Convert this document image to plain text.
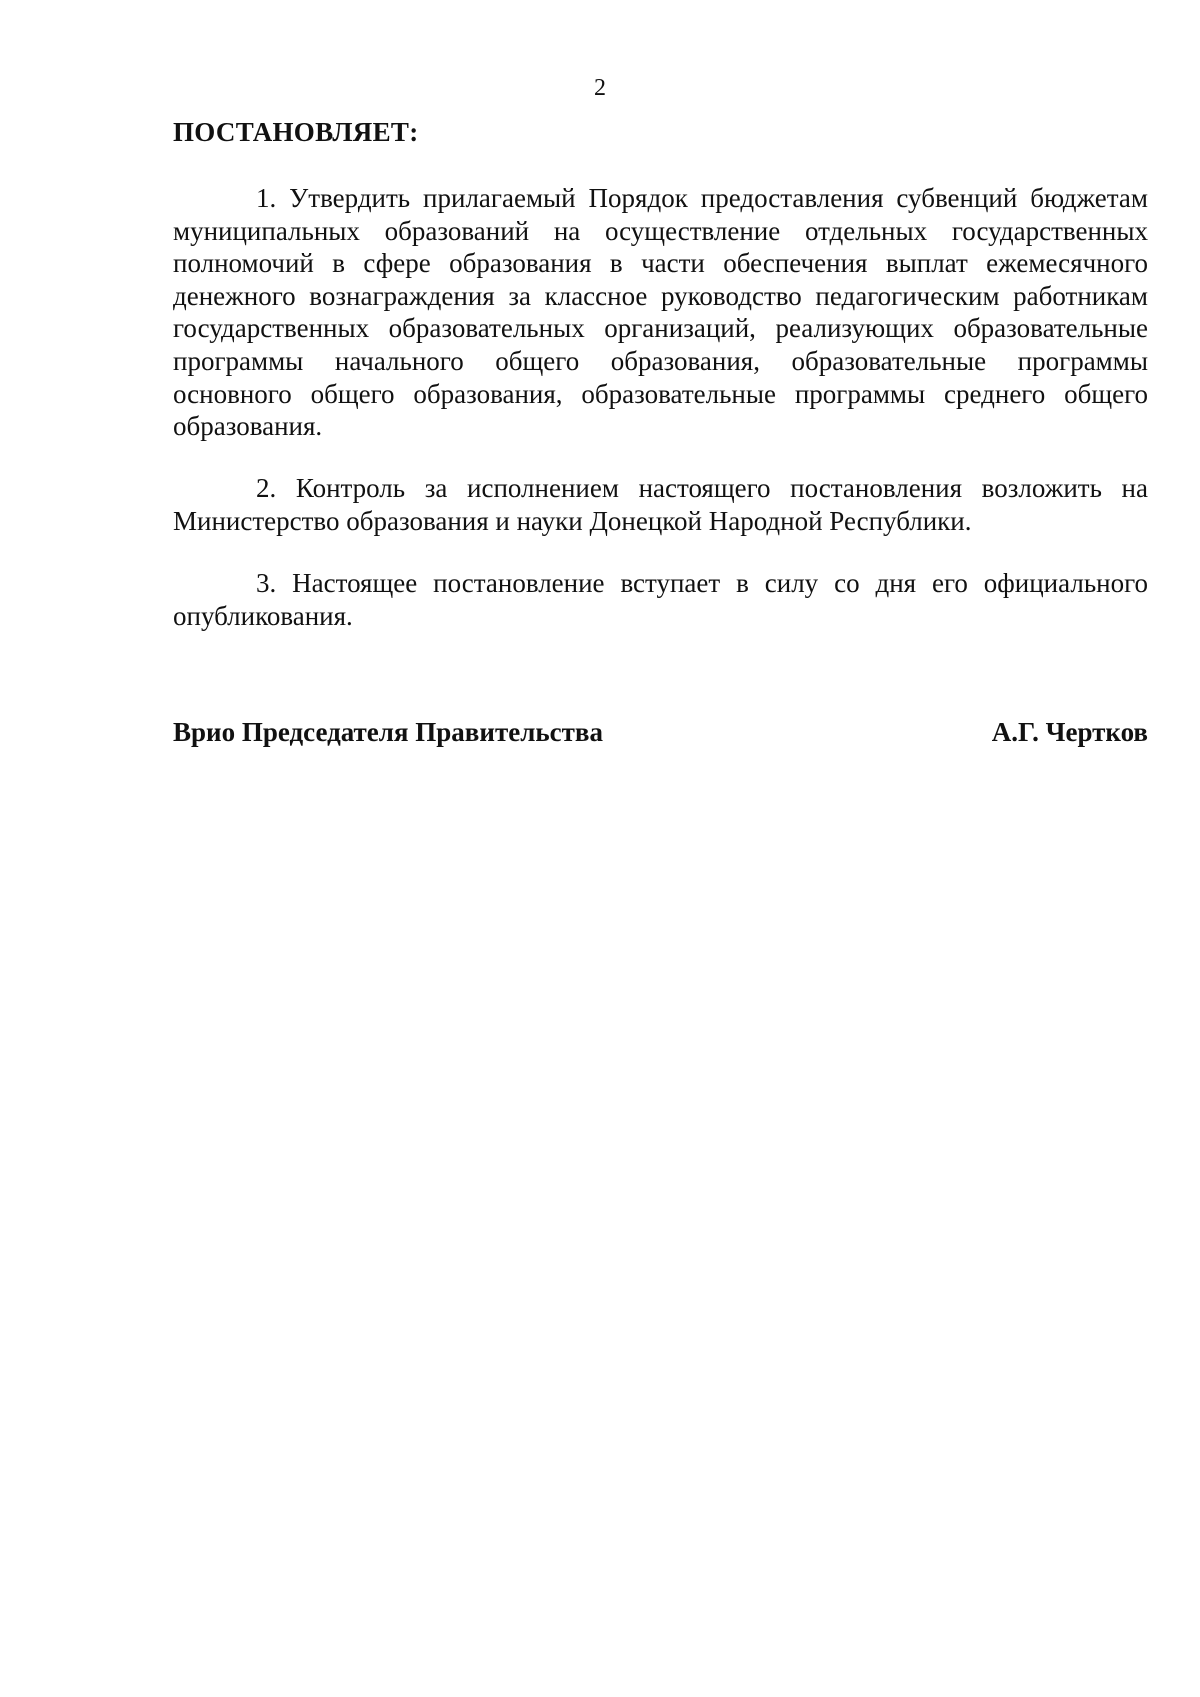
2
ПОСТАНОВЛЯЕТ:
1. Утвердить прилагаемый Порядок предоставления субвенций бюджетам муниципальных образований на осуществление отдельных государственных полномочий в сфере образования в части обеспечения выплат ежемесячного денежного вознаграждения за классное руководство педагогическим работникам государственных образовательных организаций, реализующих образовательные программы начального общего образования, образовательные программы основного общего образования, образовательные программы среднего общего образования.
2. Контроль за исполнением настоящего постановления возложить на Министерство образования и науки Донецкой Народной Республики.
3. Настоящее постановление вступает в силу со дня его официального опубликования.
Врио Председателя Правительства	А.Г. Чертков
